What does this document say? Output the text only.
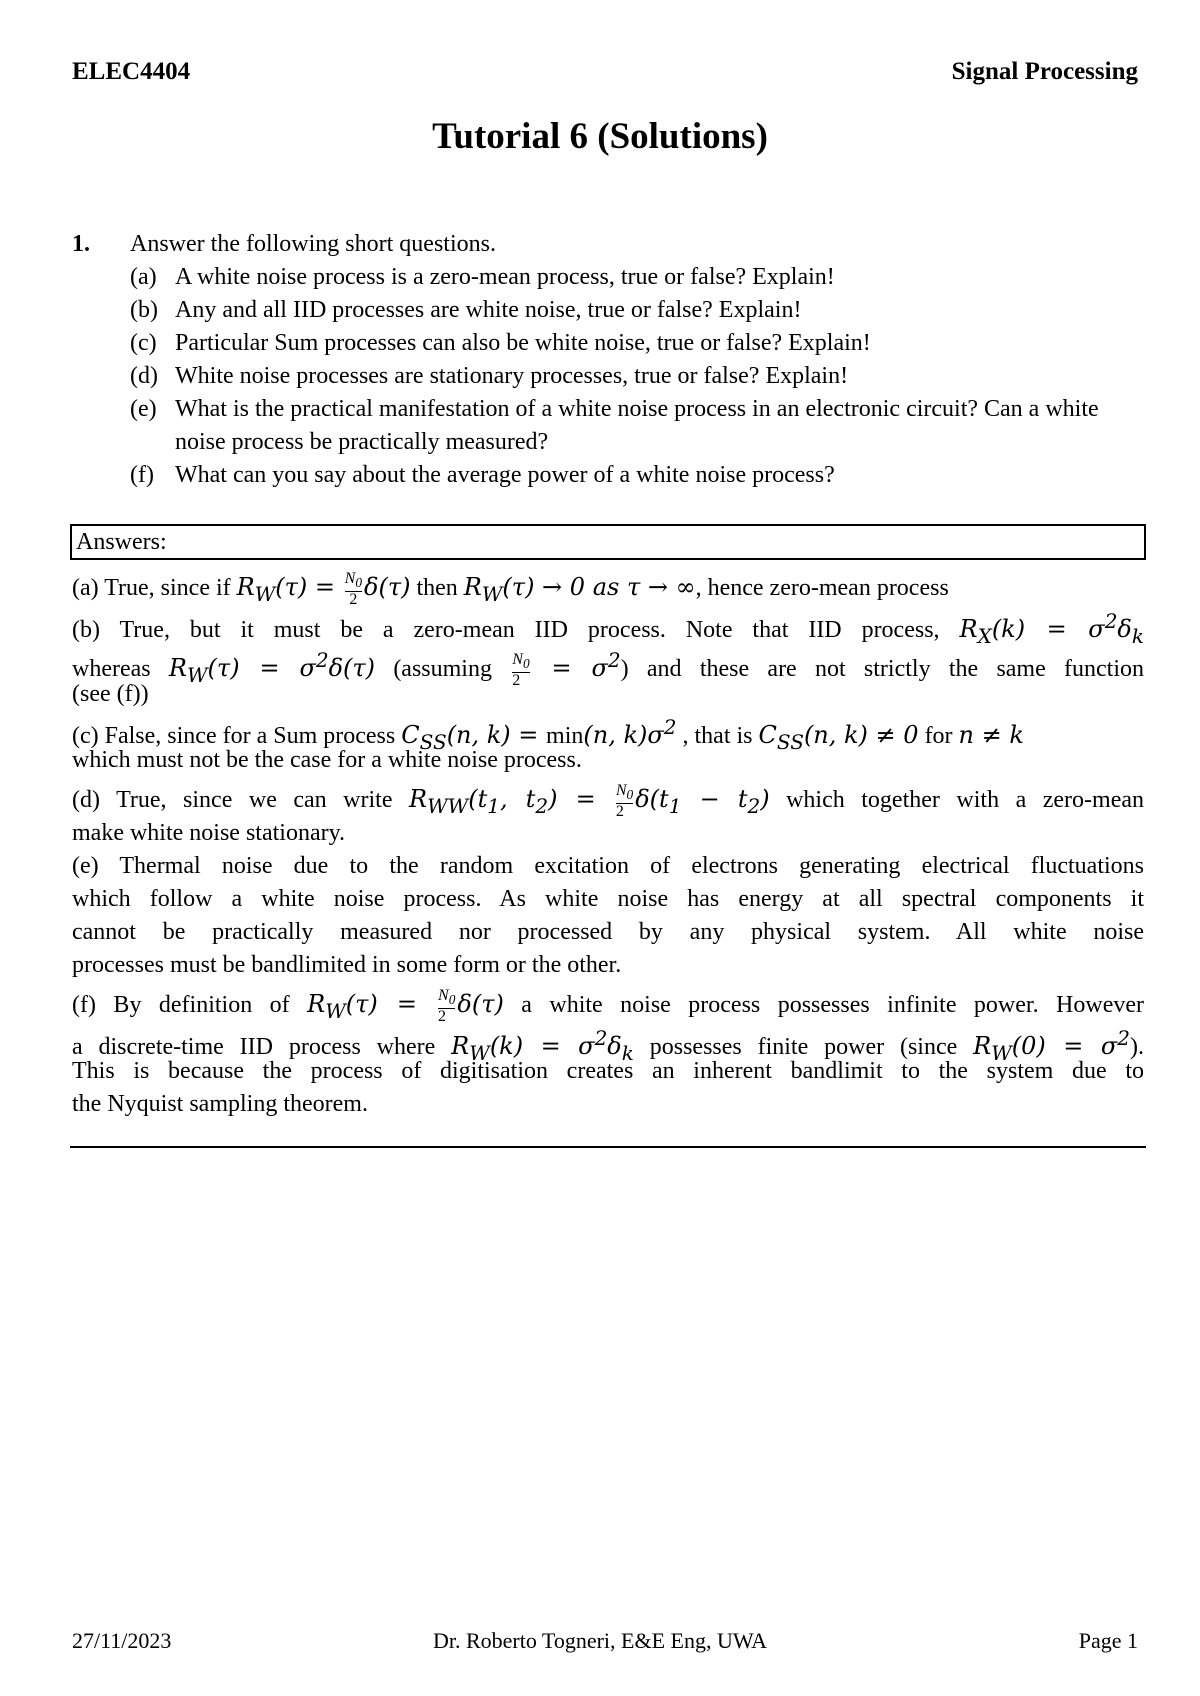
ELEC4404	Signal Processing
Tutorial 6 (Solutions)
1.	Answer the following short questions.
(a) A white noise process is a zero-mean process, true or false? Explain!
(b) Any and all IID processes are white noise, true or false? Explain!
(c) Particular Sum processes can also be white noise, true or false? Explain!
(d) White noise processes are stationary processes, true or false? Explain!
(e) What is the practical manifestation of a white noise process in an electronic circuit? Can a white noise process be practically measured?
(f) What can you say about the average power of a white noise process?
Answers:
(a) True, since if $R_W(\tau) = \frac{N_0}{2} \delta(\tau)$ then $R_W(\tau) \to 0$ as τ → ∞, hence zero-mean process
(b) True, but it must be a zero-mean IID process. Note that IID process, $R_X(k) = \sigma^2\delta_k$
whereas $R_W(\tau) = \sigma^2\delta(\tau)$ (assuming $\frac{N_0}{2} = \sigma^2$) and these are not strictly the same function
(see (f))
(c) False, since for a Sum process $C_{SS}(n$, k) = min(n, $k)\sigma^2$ , that is $C_{SS}(n$, k) ≠ 0 for n ≠ k
which must not be the case for a white noise process.
(d) True, since we can write $R_{WW}(t_1$, $t_2) = \frac{N_0}{2} \delta(t_1 - t_2)$ which together with a zero-mean
make white noise stationary.
(e) Thermal noise due to the random excitation of electrons generating electrical fluctuations
which follow a white noise process. As white noise has energy at all spectral components it
cannot be practically measured nor processed by any physical system. All white noise
processes must be bandlimited in some form or the other.
(f) By definition of $R_W(\tau) = \frac{N_0}{2} \delta(\tau)$ a white noise process possesses infinite power. However
a discrete-time IID process where $R_W(k) = \sigma^2\delta_k$ possesses finite power (since $R_W(0) = \sigma^2$).
This is because the process of digitisation creates an inherent bandlimit to the system due to
the Nyquist sampling theorem.
27/11/2023	Dr. Roberto Togneri, E&E Eng, UWA	Page 1
